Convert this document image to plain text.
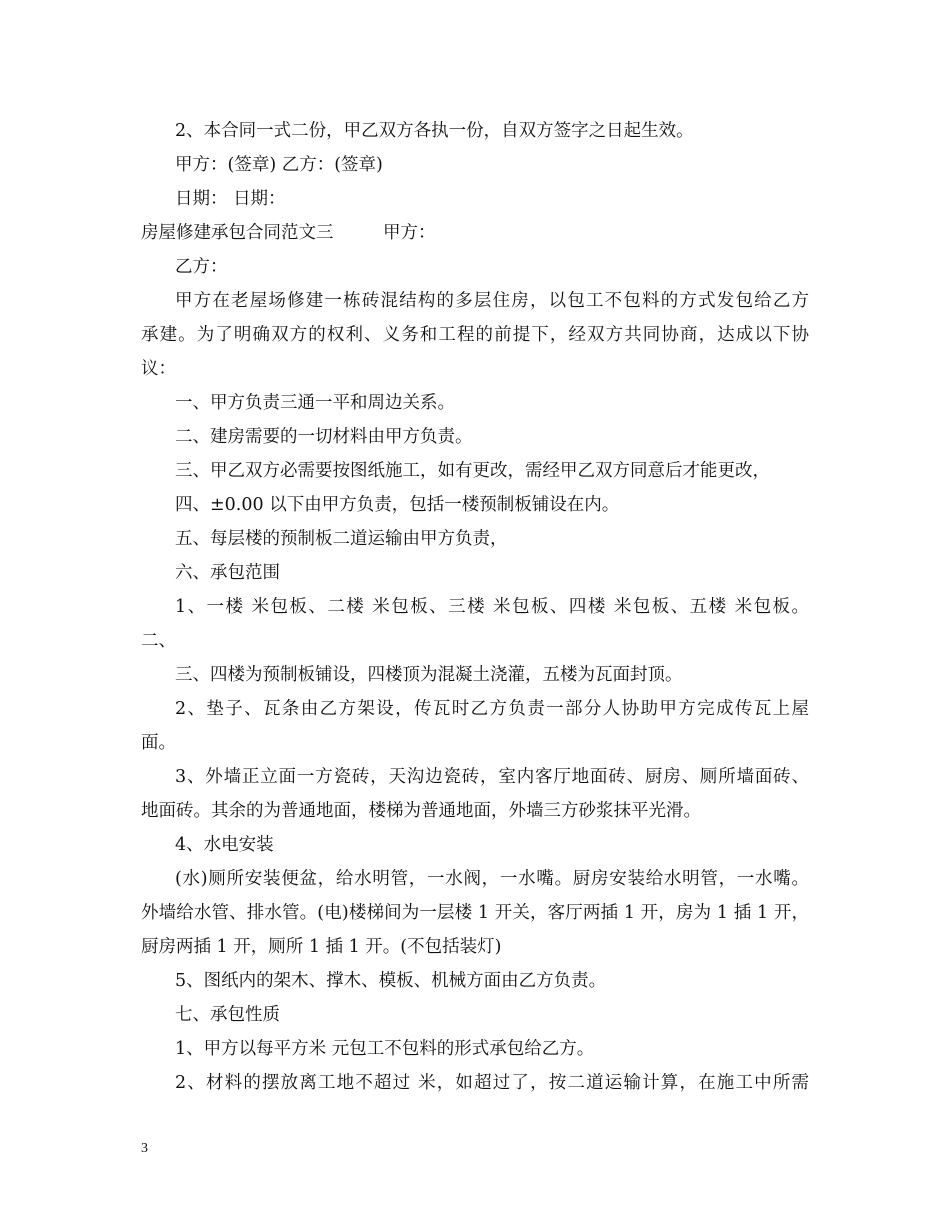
2、本合同一式二份，甲乙双方各执一份，自双方签字之日起生效。
甲方：(签章) 乙方：(签章)
日期： 日期：
房屋修建承包合同范文三	甲方：
乙方：
甲方在老屋场修建一栋砖混结构的多层住房，以包工不包料的方式发包给乙方
承建。为了明确双方的权利、义务和工程的前提下，经双方共同协商，达成以下协
议：
一、甲方负责三通一平和周边关系。
二、建房需要的一切材料由甲方负责。
三、甲乙双方必需要按图纸施工，如有更改，需经甲乙双方同意后才能更改，
四、±0.00 以下由甲方负责，包括一楼预制板铺设在内。
五、每层楼的预制板二道运输由甲方负责，
六、承包范围
1、一楼 米包板、二楼 米包板、三楼 米包板、四楼 米包板、五楼 米包板。
二、
三、四楼为预制板铺设，四楼顶为混凝土浇灌，五楼为瓦面封顶。
2、垫子、瓦条由乙方架设，传瓦时乙方负责一部分人协助甲方完成传瓦上屋
面。
3、外墙正立面一方瓷砖，天沟边瓷砖，室内客厅地面砖、厨房、厕所墙面砖、
地面砖。其余的为普通地面，楼梯为普通地面，外墙三方砂浆抹平光滑。
4、水电安装
(水)厕所安装便盆，给水明管，一水阀，一水嘴。厨房安装给水明管，一水嘴。
外墙给水管、排水管。(电)楼梯间为一层楼 1 开关，客厅两插 1 开，房为 1 插 1 开，
厨房两插 1 开，厕所 1 插 1 开。(不包括装灯)
5、图纸内的架木、撑木、模板、机械方面由乙方负责。
七、承包性质
1、甲方以每平方米 元包工不包料的形式承包给乙方。
2、材料的摆放离工地不超过 米，如超过了，按二道运输计算，在施工中所需
3
